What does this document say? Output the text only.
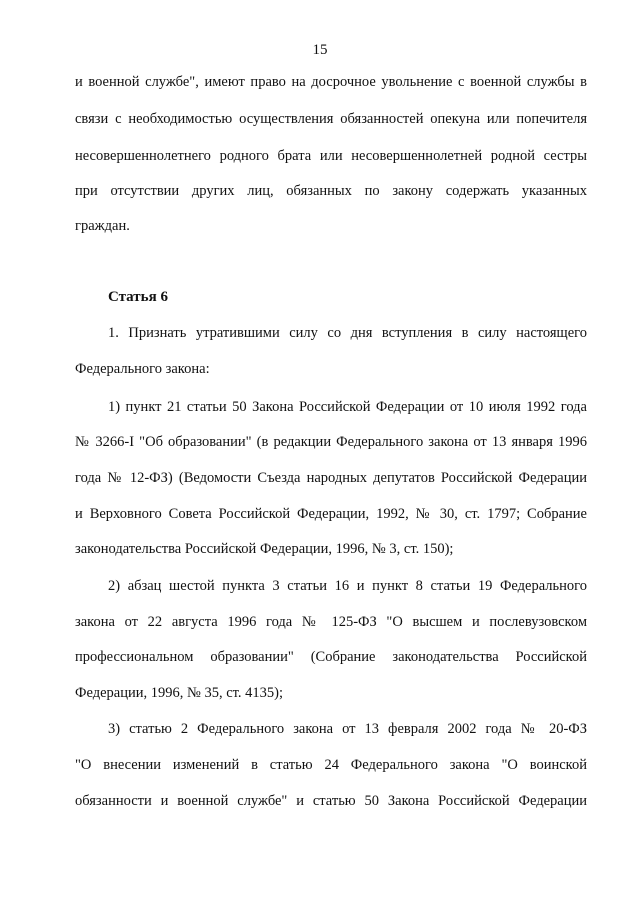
15
и военной службе", имеют право на досрочное увольнение с военной службы в
связи с необходимостью осуществления обязанностей опекуна или попечителя
несовершеннолетнего родного брата или несовершеннолетней родной сестры
при отсутствии других лиц, обязанных по закону содержать указанных
граждан.
Статья 6
1. Признать утратившими силу со дня вступления в силу настоящего
Федерального закона:
1) пункт 21 статьи 50 Закона Российской Федерации от 10 июля 1992 года
№ 3266-I "Об образовании" (в редакции Федерального закона от 13 января 1996
года № 12-ФЗ) (Ведомости Съезда народных депутатов Российской Федерации
и Верховного Совета Российской Федерации, 1992, № 30, ст. 1797; Собрание
законодательства Российской Федерации, 1996, № 3, ст. 150);
2) абзац шестой пункта 3 статьи 16 и пункт 8 статьи 19 Федерального
закона от 22 августа 1996 года № 125-ФЗ "О высшем и послевузовском
профессиональном образовании" (Собрание законодательства Российской
Федерации, 1996, № 35, ст. 4135);
3) статью 2 Федерального закона от 13 февраля 2002 года № 20-ФЗ
"О внесении изменений в статью 24 Федерального закона "О воинской
обязанности и военной службе" и статью 50 Закона Российской Федерации
